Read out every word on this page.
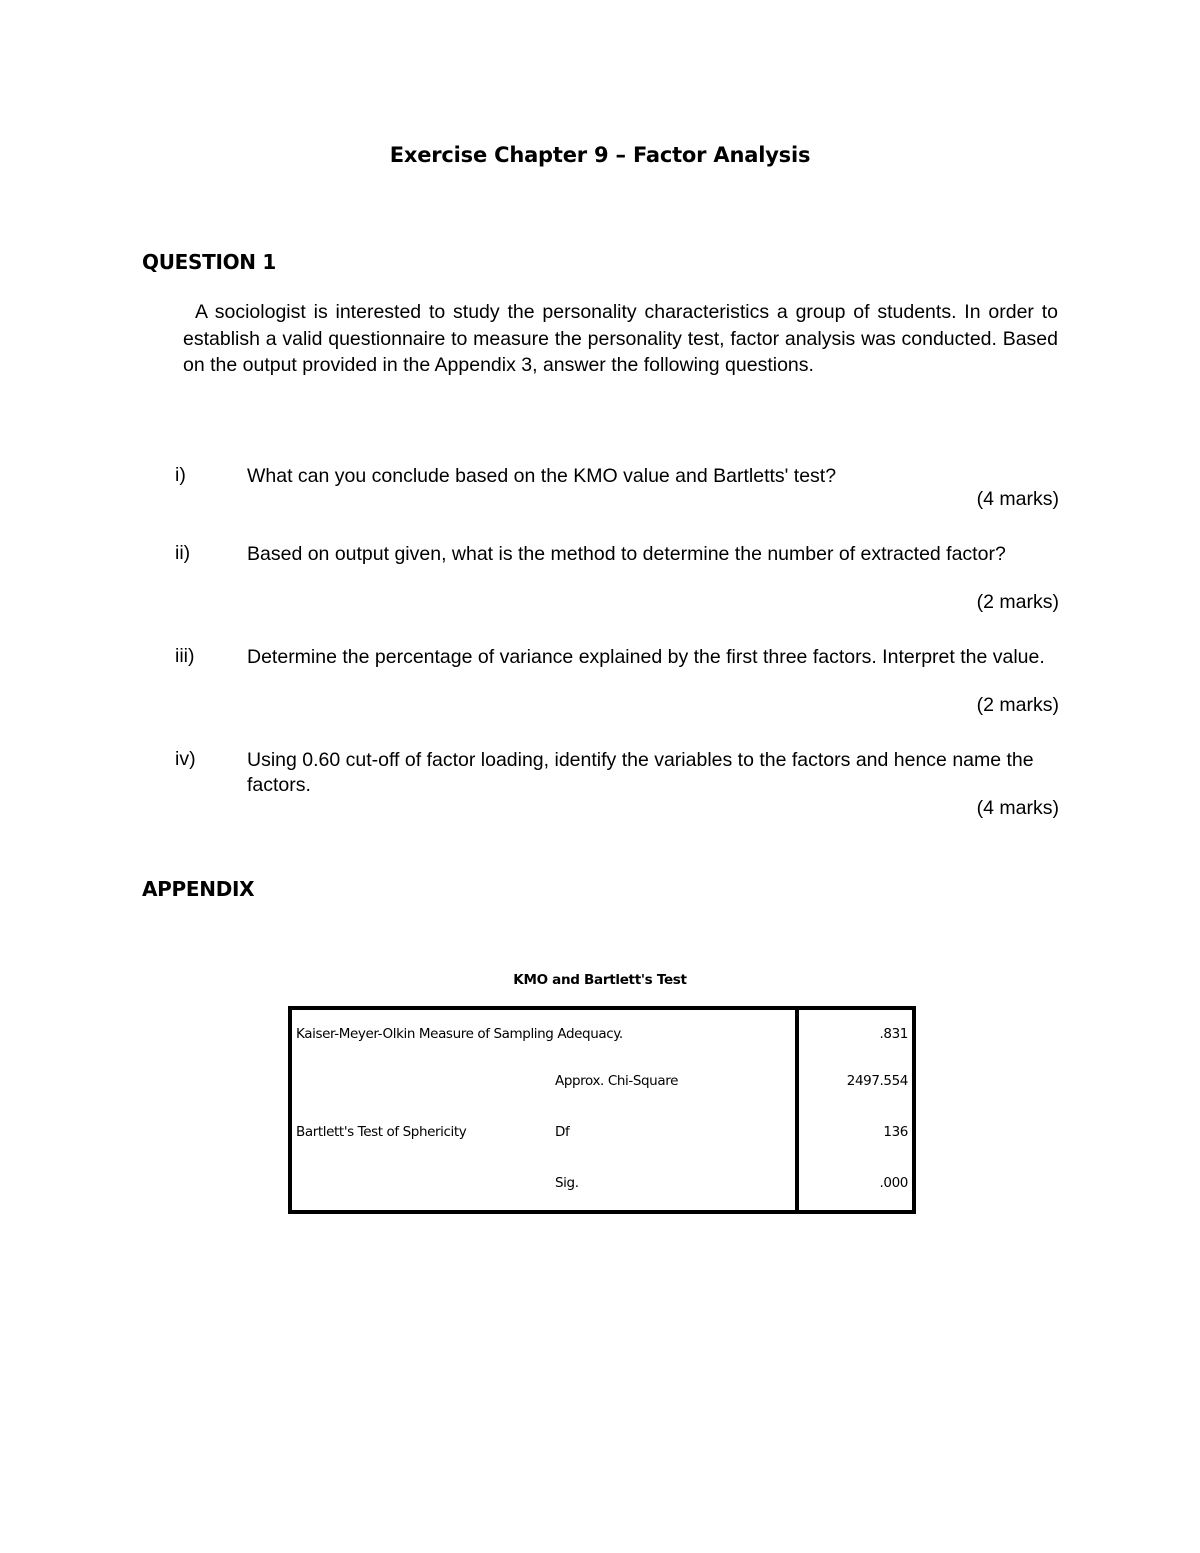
Exercise Chapter 9 – Factor Analysis
QUESTION 1
A sociologist is interested to study the personality characteristics a group of students. In order to establish a valid questionnaire to measure the personality test, factor analysis was conducted. Based on the output provided in the Appendix 3, answer the following questions.
i)	What can you conclude based on the KMO value and Bartletts' test?
(4 marks)
ii)	Based on output given, what is the method to determine the number of extracted factor?
(2 marks)
iii)	Determine the percentage of variance explained by the first three factors. Interpret the value.
(2 marks)
iv)	Using 0.60 cut-off of factor loading, identify the variables to the factors and hence name the factors.
(4 marks)
APPENDIX
KMO and Bartlett's Test
Kaiser-Meyer-Olkin Measure of Sampling Adequacy.	.831
Approx. Chi-Square	2497.554
Bartlett's Test of Sphericity	Df	136
Sig.	.000
